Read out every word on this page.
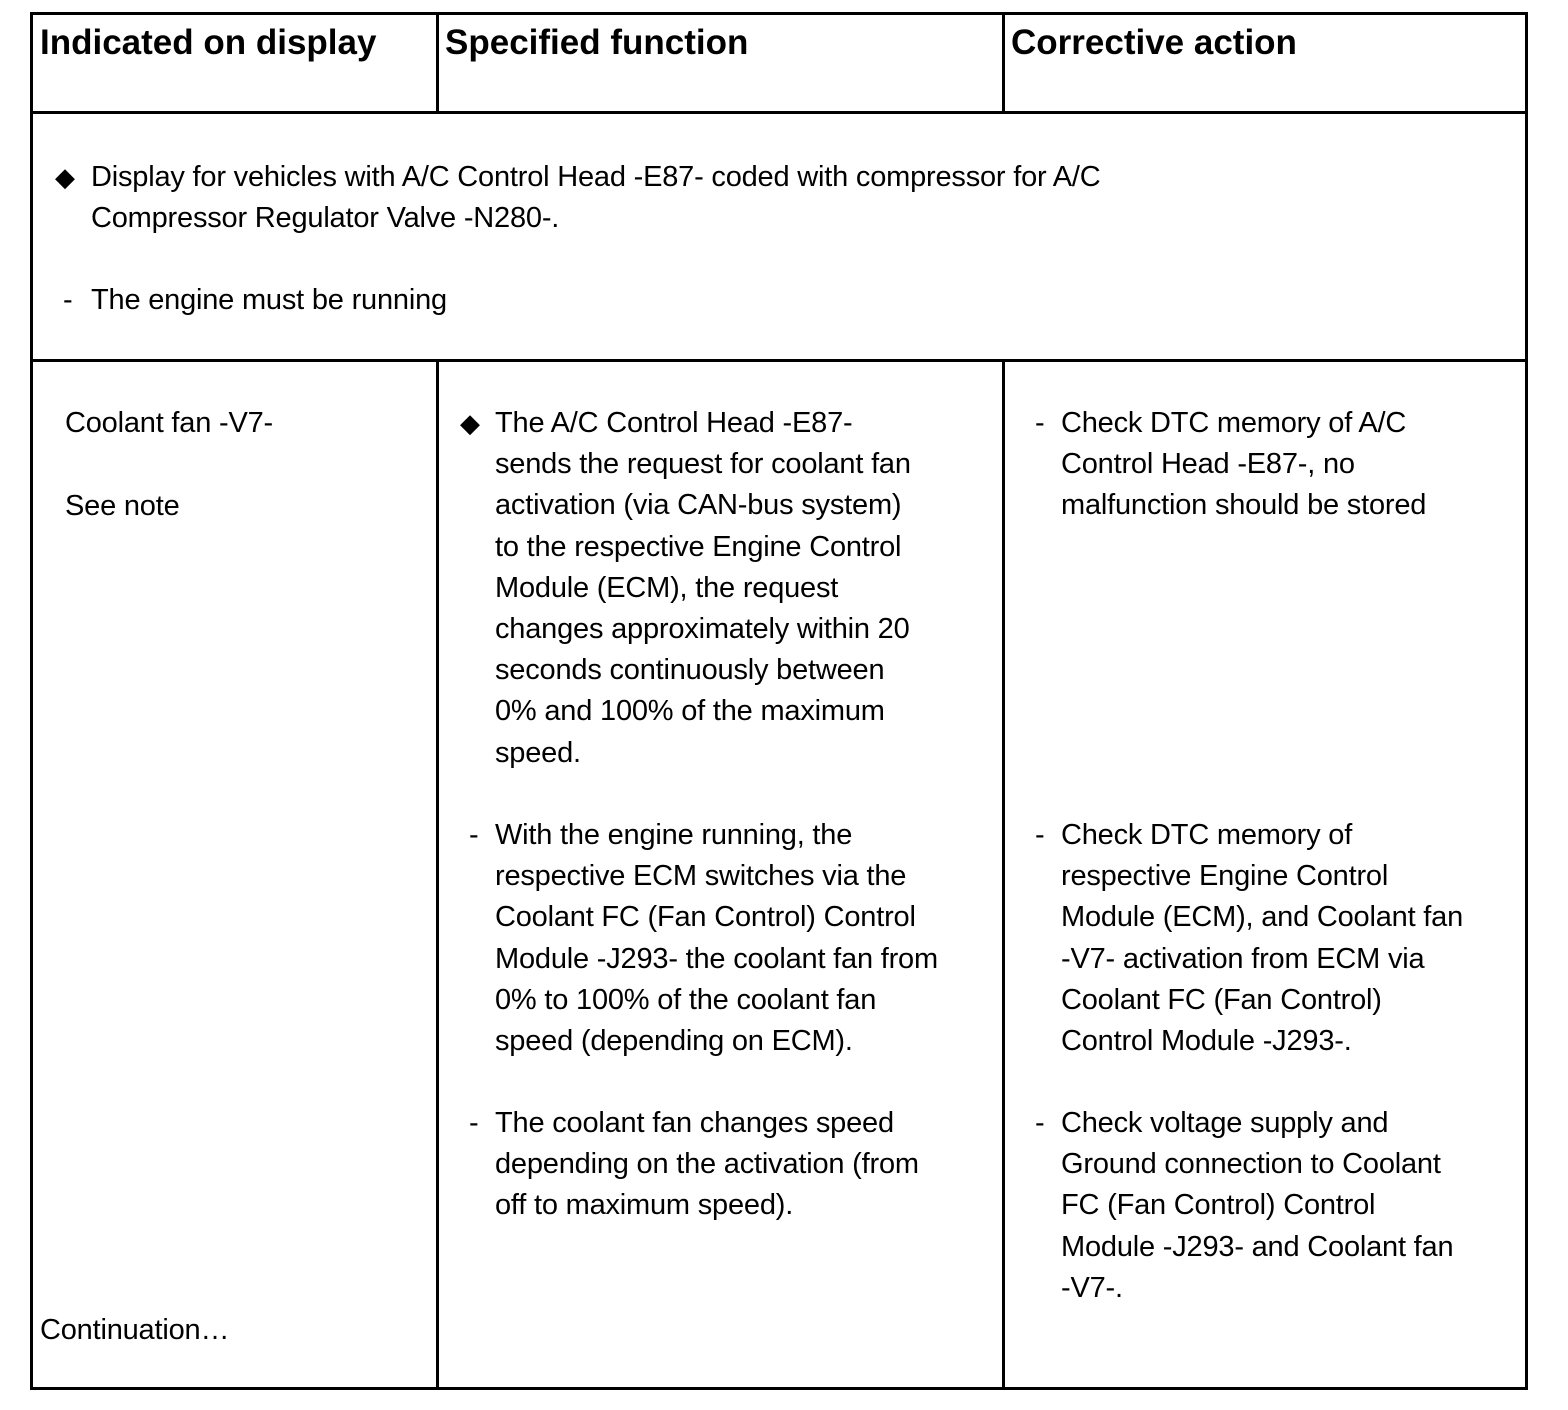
Indicated on display Specified function	Corrective action
◆ Display for vehicles with A/C Control Head -E87- coded with compressor for A/C
Compressor Regulator Valve -N280-.
- The engine must be running
Coolant fan -V7-
See note
Continuation…
◆ The A/C Control Head -E87-
sends the request for coolant fan
activation (via CAN-bus system)
to the respective Engine Control
Module (ECM), the request
changes approximately within 20
seconds continuously between
0% and 100% of the maximum
speed.
- With the engine running, the
respective ECM switches via the
Coolant FC (Fan Control) Control
Module -J293- the coolant fan from
0% to 100% of the coolant fan
speed (depending on ECM).
- The coolant fan changes speed
depending on the activation (from
off to maximum speed).
- Check DTC memory of A/C
Control Head -E87-, no
malfunction should be stored
- Check DTC memory of
respective Engine Control
Module (ECM), and Coolant fan
-V7- activation from ECM via
Coolant FC (Fan Control)
Control Module -J293-.
- Check voltage supply and
Ground connection to Coolant
FC (Fan Control) Control
Module -J293- and Coolant fan
-V7-.
